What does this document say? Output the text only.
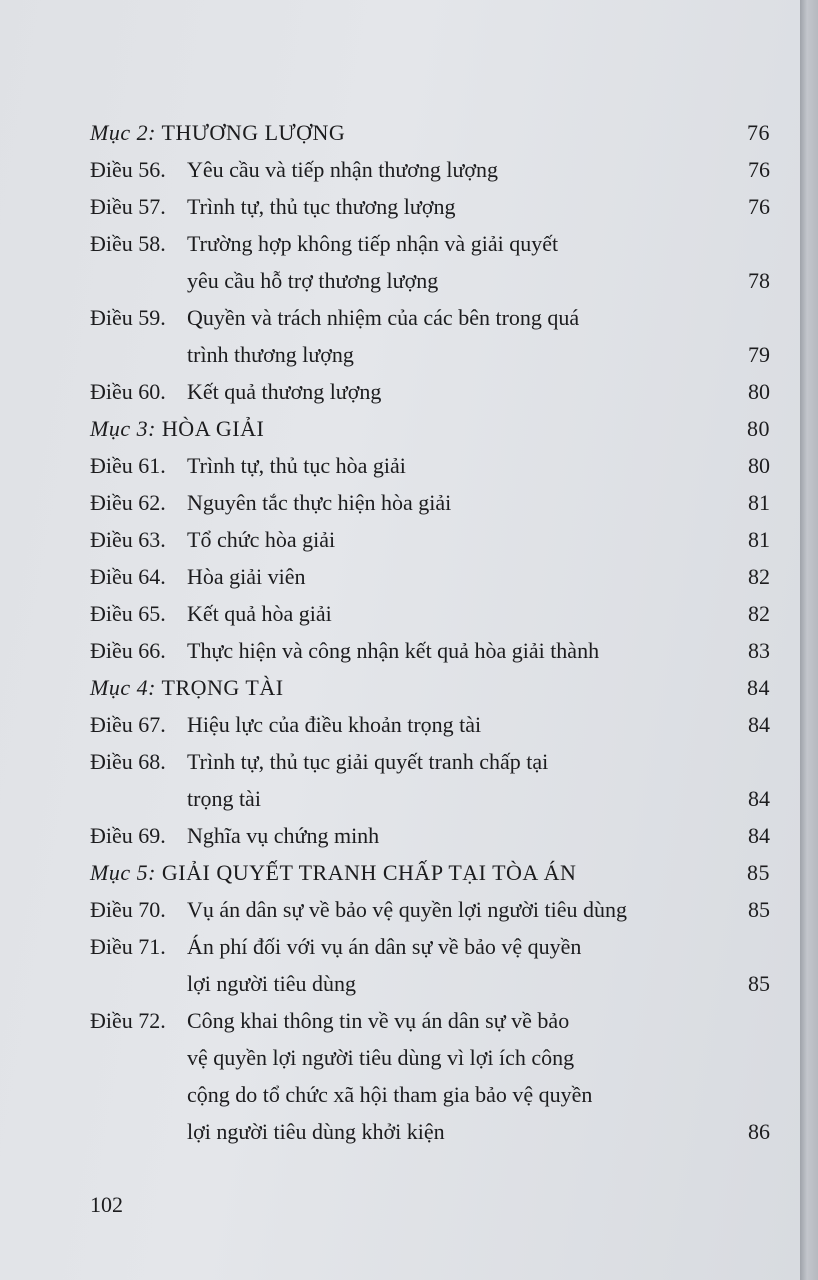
Mục 2: THƯƠNG LƯỢNG	76
Điều 56. Yêu cầu và tiếp nhận thương lượng	76
Điều 57. Trình tự, thủ tục thương lượng	76
Điều 58. Trường hợp không tiếp nhận và giải quyết
yêu cầu hỗ trợ thương lượng	78
Điều 59. Quyền và trách nhiệm của các bên trong quá
trình thương lượng	79
Điều 60. Kết quả thương lượng	80
Mục 3: HÒA GIẢI	80
Điều 61. Trình tự, thủ tục hòa giải	80
Điều 62. Nguyên tắc thực hiện hòa giải	81
Điều 63. Tổ chức hòa giải	81
Điều 64. Hòa giải viên	82
Điều 65. Kết quả hòa giải	82
Điều 66. Thực hiện và công nhận kết quả hòa giải thành	83
Mục 4: TRỌNG TÀI	84
Điều 67. Hiệu lực của điều khoản trọng tài	84
Điều 68. Trình tự, thủ tục giải quyết tranh chấp tại
trọng tài	84
Điều 69. Nghĩa vụ chứng minh	84
Mục 5: GIẢI QUYẾT TRANH CHẤP TẠI TÒA ÁN	85
Điều 70. Vụ án dân sự về bảo vệ quyền lợi người tiêu dùng	85
Điều 71. Án phí đối với vụ án dân sự về bảo vệ quyền
lợi người tiêu dùng	85
Điều 72. Công khai thông tin về vụ án dân sự về bảo
vệ quyền lợi người tiêu dùng vì lợi ích công
cộng do tổ chức xã hội tham gia bảo vệ quyền
lợi người tiêu dùng khởi kiện	86
102
